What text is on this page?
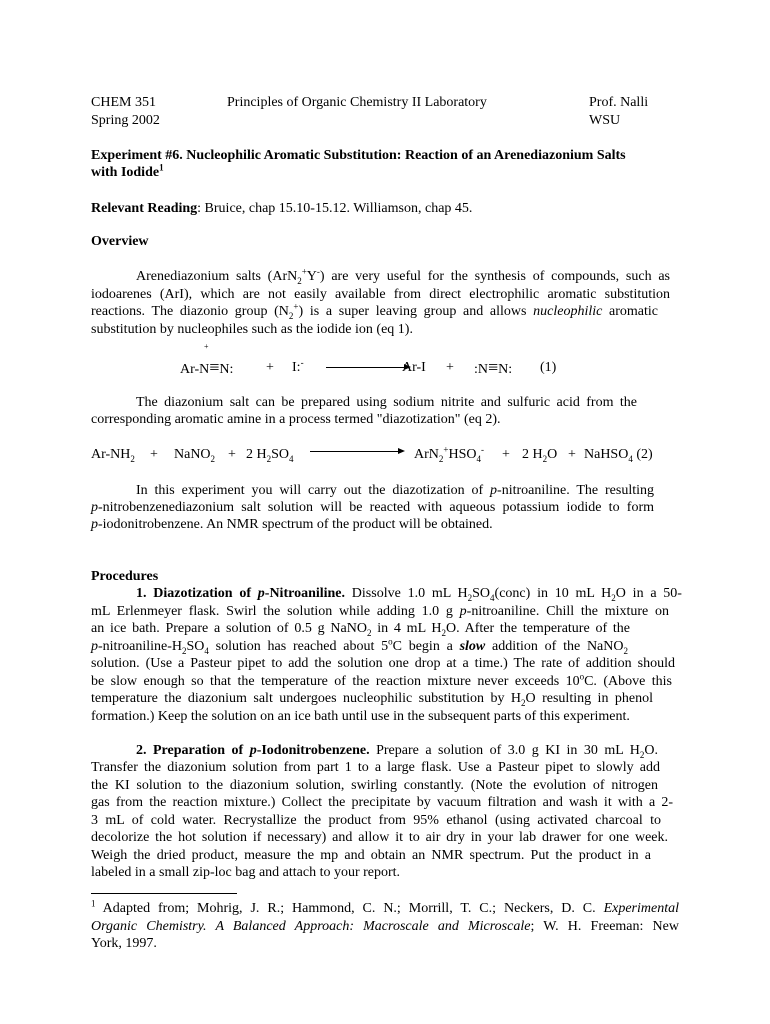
CHEM 351
Spring 2002
Principles of Organic Chemistry II Laboratory	Prof. Nalli
WSU
Experiment #6. Nucleophilic Aromatic Substitution: Reaction of an Arenediazonium Salts
with Iodide$^1$
Relevant Reading: Bruice, chap 15.10-15.12. Williamson, chap 45.
Overview
Arenediazonium salts (ArN$_2$+Y-) are very useful for the synthesis of compounds, such as
iodoarenes (ArI), which are not easily available from direct electrophilic aromatic substitution
reactions. The diazonio group $(N_2^+)$ is a super leaving group and allows nucleophilic aromatic
substitution by nucleophiles such as the iodide ion (eq 1).
+
Ar-N≡N: + I:-	Ar-I + :N≡N: (1)
The diazonium salt can be prepared using sodium nitrite and sulfuric acid from the
corresponding aromatic amine in a process termed "diazotization" (eq 2).
$Ar-NH_2$ + NaNO$_2$ + 2 $H_2SO_4$	$ArN_2^+HSO_4^- + 2$ $H_2O$ + NaHSO$_4$ (2)
In this experiment you will carry out the diazotization of p-nitroaniline. The resulting
p-nitrobenzenediazonium salt solution will be reacted with aqueous potassium iodide to form
p-iodonitrobenzene. An NMR spectrum of the product will be obtained.
Procedures
1. Diazotization of p-Nitroaniline. Dissolve 1.0 mL $H_2SO_4(conc)$ in 10 mL $H_2O$ in a 50-
mL Erlenmeyer flask. Swirl the solution while adding 1.0 g p-nitroaniline. Chill the mixture on
an ice bath. Prepare a solution of 0.5 g NaNO$_2$ in 4 mL $H_2O$. After the temperature of the
$p-nitroaniline-H_2SO_4$ solution has reached about 5$^o$C begin a slow addition of the NaNO$_2$
solution. (Use a Pasteur pipet to add the solution one drop at a time.) The rate of addition should
be slow enough so that the temperature of the reaction mixture never exceeds 10$^o$C. (Above this
temperature the diazonium salt undergoes nucleophilic substitution by $H_2O$ resulting in phenol
formation.) Keep the solution on an ice bath until use in the subsequent parts of this experiment.
2. Preparation of p-Iodonitrobenzene. Prepare a solution of 3.0 g KI in 30 mL $H_2O$.
Transfer the diazonium solution from part 1 to a large flask. Use a Pasteur pipet to slowly add
the KI solution to the diazonium solution, swirling constantly. (Note the evolution of nitrogen
gas from the reaction mixture.) Collect the precipitate by vacuum filtration and wash it with a 2-
3 mL of cold water. Recrystallize the product from 95% ethanol (using activated charcoal to
decolorize the hot solution if necessary) and allow it to air dry in your lab drawer for one week.
Weigh the dried product, measure the mp and obtain an NMR spectrum. Put the product in a
labeled in a small zip-loc bag and attach to your report.
$^1$ Adapted from; Mohrig, J. R.; Hammond, C. N.; Morrill, T. C.; Neckers, D. C. Experimental
Organic Chemistry. A Balanced Approach: Macroscale and Microscale; W. H. Freeman: New
York, 1997.
